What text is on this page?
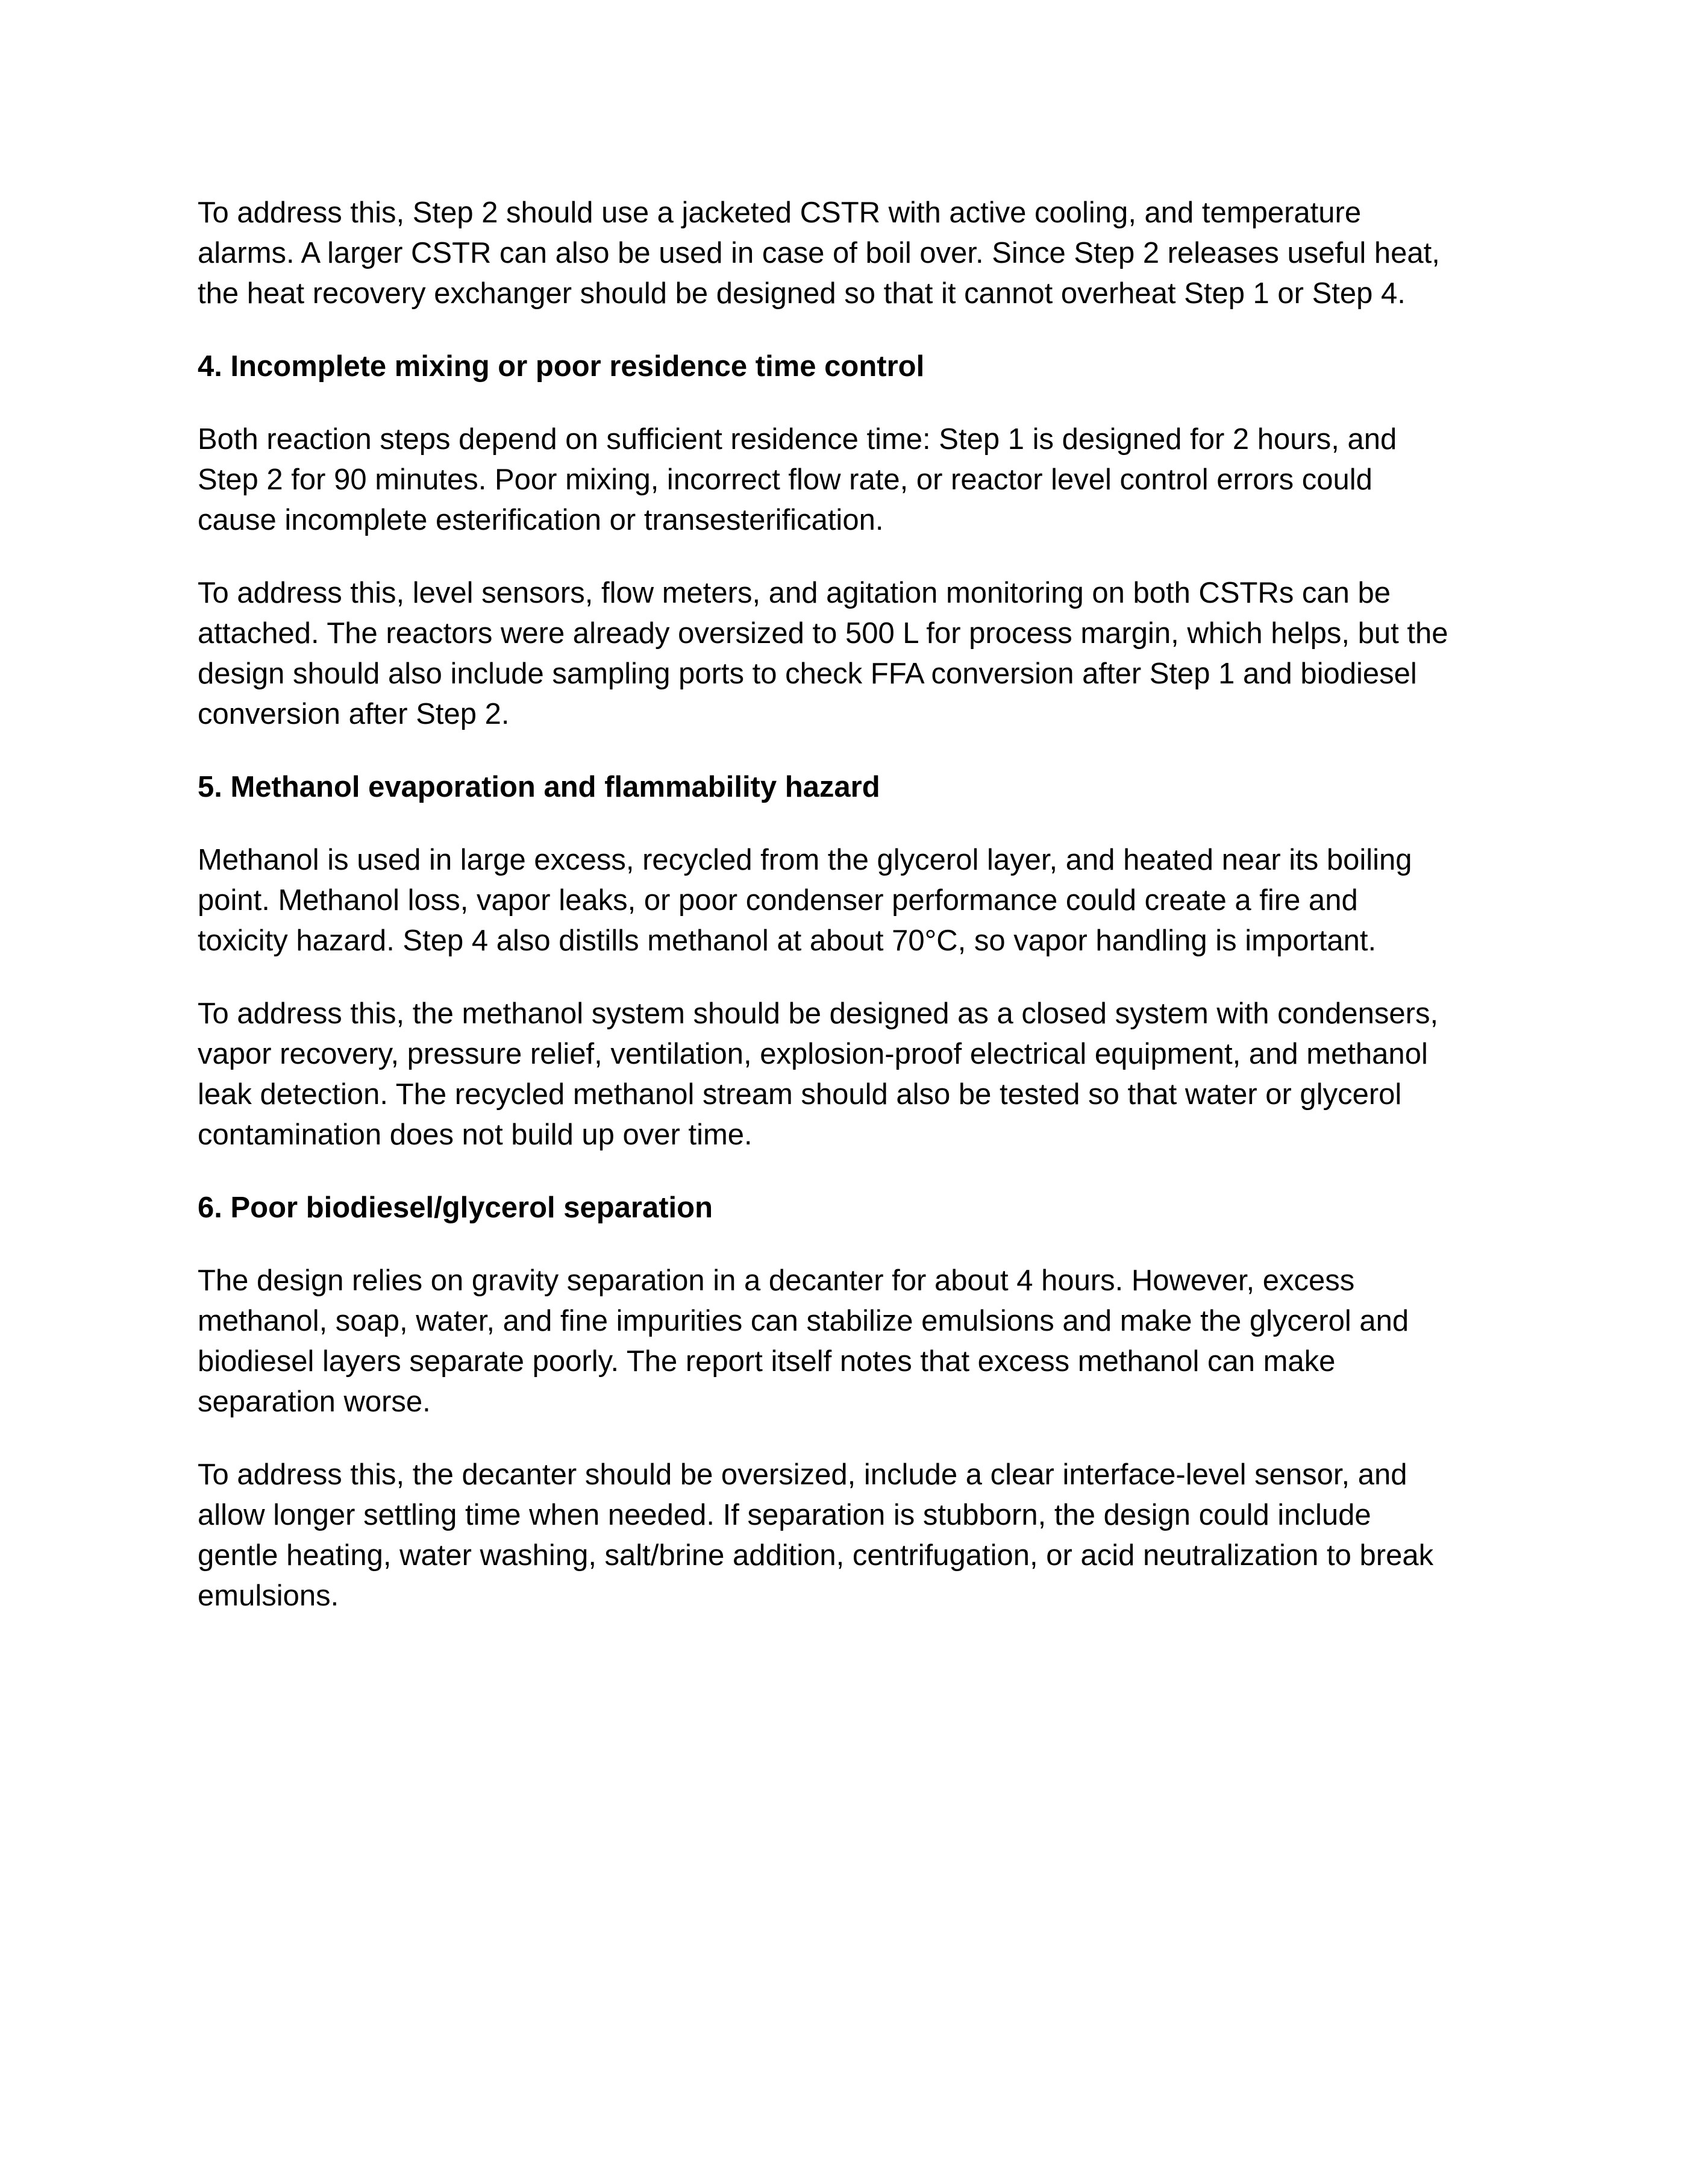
To address this, Step 2 should use a jacketed CSTR with active cooling, and temperature
alarms. A larger CSTR can also be used in case of boil over. Since Step 2 releases useful heat,
the heat recovery exchanger should be designed so that it cannot overheat Step 1 or Step 4.

4. Incomplete mixing or poor residence time control

Both reaction steps depend on sufficient residence time: Step 1 is designed for 2 hours, and
Step 2 for 90 minutes. Poor mixing, incorrect flow rate, or reactor level control errors could
cause incomplete esterification or transesterification.

To address this, level sensors, flow meters, and agitation monitoring on both CSTRs can be
attached. The reactors were already oversized to 500 L for process margin, which helps, but the
design should also include sampling ports to check FFA conversion after Step 1 and biodiesel
conversion after Step 2.

5. Methanol evaporation and flammability hazard

Methanol is used in large excess, recycled from the glycerol layer, and heated near its boiling
point. Methanol loss, vapor leaks, or poor condenser performance could create a fire and
toxicity hazard. Step 4 also distills methanol at about 70°C, so vapor handling is important.

To address this, the methanol system should be designed as a closed system with condensers,
vapor recovery, pressure relief, ventilation, explosion-proof electrical equipment, and methanol
leak detection. The recycled methanol stream should also be tested so that water or glycerol
contamination does not build up over time.

6. Poor biodiesel/glycerol separation

The design relies on gravity separation in a decanter for about 4 hours. However, excess
methanol, soap, water, and fine impurities can stabilize emulsions and make the glycerol and
biodiesel layers separate poorly. The report itself notes that excess methanol can make
separation worse.

To address this, the decanter should be oversized, include a clear interface-level sensor, and
allow longer settling time when needed. If separation is stubborn, the design could include
gentle heating, water washing, salt/brine addition, centrifugation, or acid neutralization to break
emulsions.
